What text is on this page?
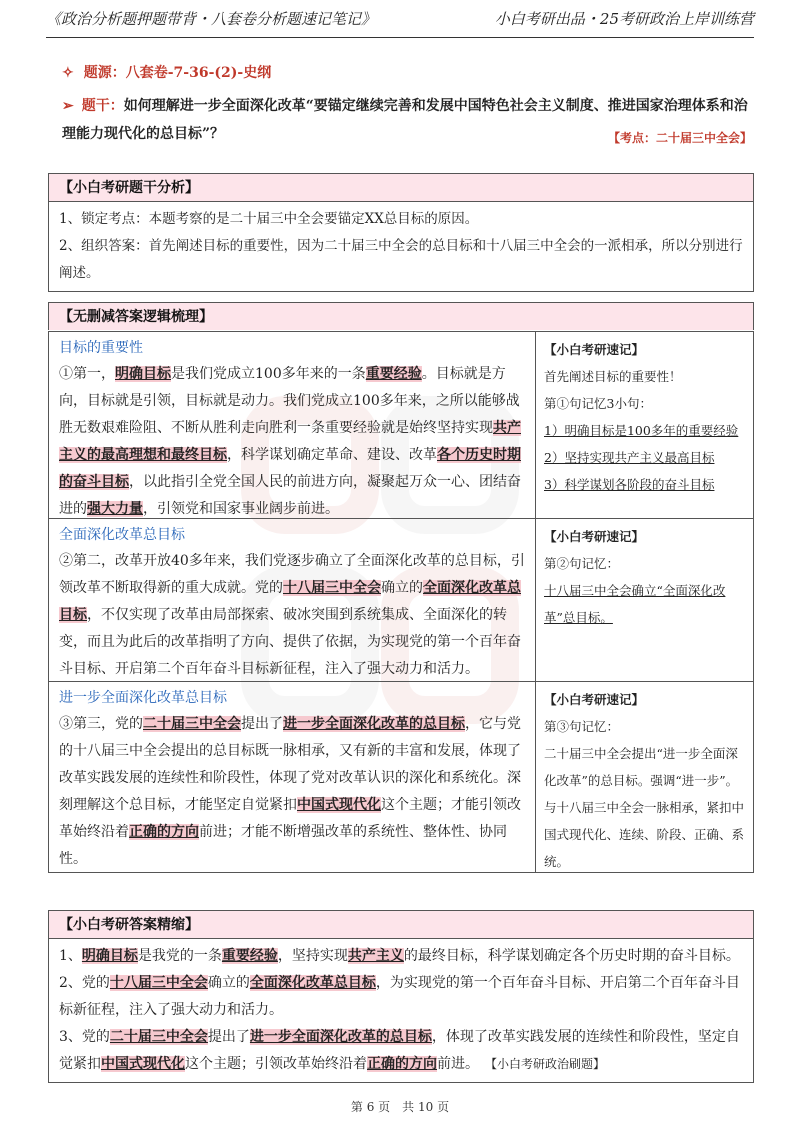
《政治分析题押题带背・八套卷分析题速记笔记》	小白考研出品・25考研政治上岸训练营
✧ 题源：八套卷-7-36-(2)-史纲
➢ 题干：如何理解进一步全面深化改革“要锚定继续完善和发展中国特色社会主义制度、推进国家治理体系和治理能力现代化的总目标”？	【考点：二十届三中全会】
【小白考研题干分析】
1、锁定考点：本题考察的是二十届三中全会要锚定XX总目标的原因。
2、组织答案：首先阐述目标的重要性，因为二十届三中全会的总目标和十八届三中全会的一派相承，所以分别进行阐述。
【无删减答案逻辑梳理】
目标的重要性
①第一，明确目标是我们党成立100多年来的一条重要经验。目标就是方向，目标就是引领，目标就是动力。我们党成立100多年来，之所以能够战胜无数艰难险阻、不断从胜利走向胜利一条重要经验就是始终坚持实现共产主义的最高理想和最终目标，科学谋划确定革命、建设、改革各个历史时期的奋斗目标，以此指引全党全国人民的前进方向，凝聚起万众一心、团结奋进的强大力量，引领党和国家事业阔步前进。
【小白考研速记】
首先阐述目标的重要性！
第①句记忆3小句：
1）明确目标是100多年的重要经验
2）坚持实现共产主义最高目标
3）科学谋划各阶段的奋斗目标
全面深化改革总目标
②第二，改革开放40多年来，我们党逐步确立了全面深化改革的总目标，引领改革不断取得新的重大成就。党的十八届三中全会确立的全面深化改革总目标，不仅实现了改革由局部探索、破冰突围到系统集成、全面深化的转变，而且为此后的改革指明了方向、提供了依据，为实现党的第一个百年奋斗目标、开启第二个百年奋斗目标新征程，注入了强大动力和活力。
【小白考研速记】
第②句记忆：
十八届三中全会确立“全面深化改革”总目标。
进一步全面深化改革总目标
③第三，党的二十届三中全会提出了进一步全面深化改革的总目标，它与党的十八届三中全会提出的总目标既一脉相承，又有新的丰富和发展，体现了改革实践发展的连续性和阶段性，体现了党对改革认识的深化和系统化。深刻理解这个总目标，才能坚定自觉紧扣中国式现代化这个主题；才能引领改革始终沿着正确的方向前进；才能不断增强改革的系统性、整体性、协同性。
【小白考研速记】
第③句记忆：
二十届三中全会提出“进一步全面深化改革”的总目标。强调“进一步”。与十八届三中全会一脉相承，紧扣中国式现代化、连续、阶段、正确、系统。
【小白考研答案精缩】
1、明确目标是我党的一条重要经验，坚持实现共产主义的最终目标，科学谋划确定各个历史时期的奋斗目标。
2、党的十八届三中全会确立的全面深化改革总目标，为实现党的第一个百年奋斗目标、开启第二个百年奋斗目标新征程，注入了强大动力和活力。
3、党的二十届三中全会提出了进一步全面深化改革的总目标，体现了改革实践发展的连续性和阶段性，坚定自觉紧扣中国式现代化这个主题；引领改革始终沿着正确的方向前进。 【小白考研政治刷题】
第 6 页 共 10 页
